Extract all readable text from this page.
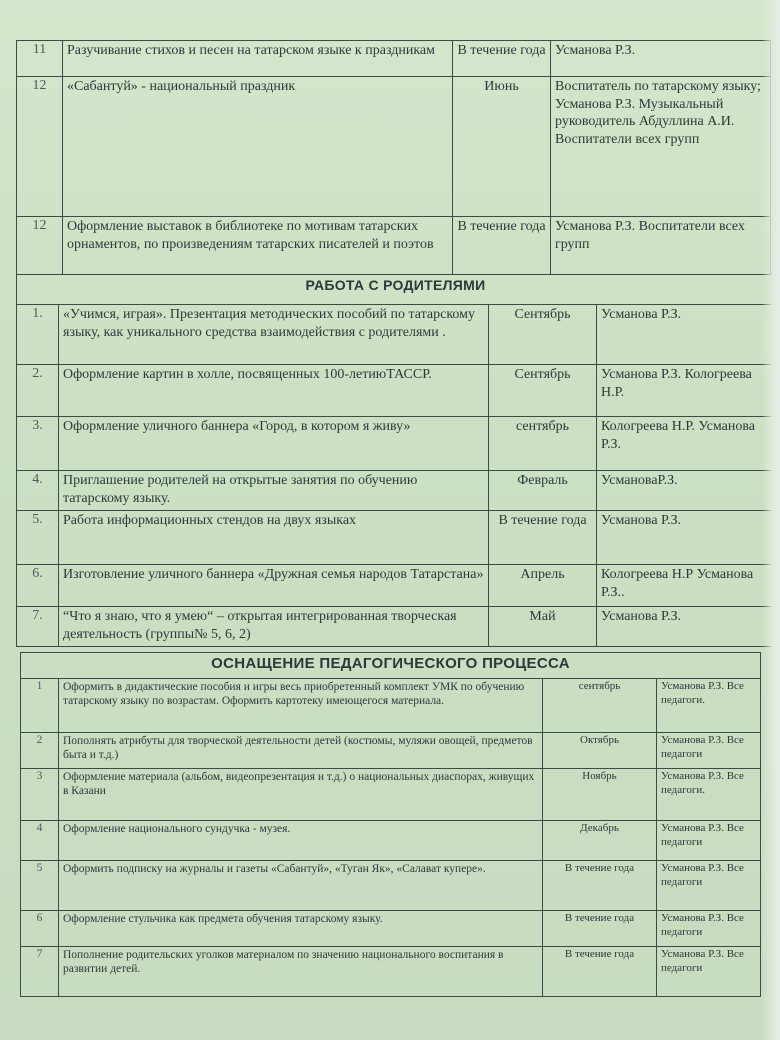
11	Разучивание стихов и песен на татарском языке к праздникам	В течение года	Усманова Р.З.
12	«Сабантуй» - национальный праздник	Июнь	Воспитатель по татарскому языку; Усманова Р.З. Музыкальный руководитель Абдуллина А.И. Воспитатели всех групп
12	Оформление выставок в библиотеке по мотивам татарских орнаментов, по произведениям татарских писателей и поэтов	В течение года	Усманова Р.З. Воспитатели всех групп
РАБОТА С РОДИТЕЛЯМИ			
1.	«Учимся, играя». Презентация методических пособий по татарскому языку, как уникального средства взаимодействия с родителями .	Сентябрь	Усманова Р.З.
2.	Оформление картин в холле, посвященных 100-летиюТАССР.	Сентябрь	Усманова Р.З. Кологреева Н.Р.
3.	Оформление уличного баннера «Город, в котором я живу»	сентябрь	Кологреева Н.Р. Усманова Р.З.
4.	Приглашение родителей на открытые занятия по обучению татарскому языку.	Февраль	УсмановаР.З.
5.	Работа информационных стендов на двух языках	В течение года	Усманова Р.З.
6.	Изготовление уличного баннера «Дружная семья народов Татарстана»	Апрель	Кологреева Н.Р Усманова Р.З..
7.	“Что я знаю, что я умею“ – открытая интегрированная творческая деятельность (группы№ 5, 6, 2)	Май	Усманова Р.З.
ОСНАЩЕНИЕ ПЕДАГОГИЧЕСКОГО ПРОЦЕССА			
1	Оформить в дидактические пособия и игры весь приобретенный комплект УМК по обучению татарскому языку по возрастам. Оформить картотеку имеющегося материала.	сентябрь	Усманова Р.З. Все педагоги.
2	Пополнять атрибуты для творческой деятельности детей (костюмы, муляжи овощей, предметов быта и т.д.)	Октябрь	Усманова Р.З. Все педагоги
3	Оформление материала (альбом, видеопрезентация и т.д.) о национальных диаспорах, живущих в Казани	Ноябрь	Усманова Р.З. Все педагоги.
4	Оформление национального сундучка - музея.	Декабрь	Усманова Р.З. Все педагоги
5	Оформить подписку на журналы и газеты «Сабантуй», «Туган Як», «Салават купере».	В течение года	Усманова Р.З. Все педагоги
6	Оформление стульчика как предмета обучения татарскому языку.	В течение года	Усманова Р.З. Все педагоги
7	Пополнение родительских уголков материалом по значению национального воспитания в развитии детей.	В течение года	Усманова Р.З. Все педагоги
